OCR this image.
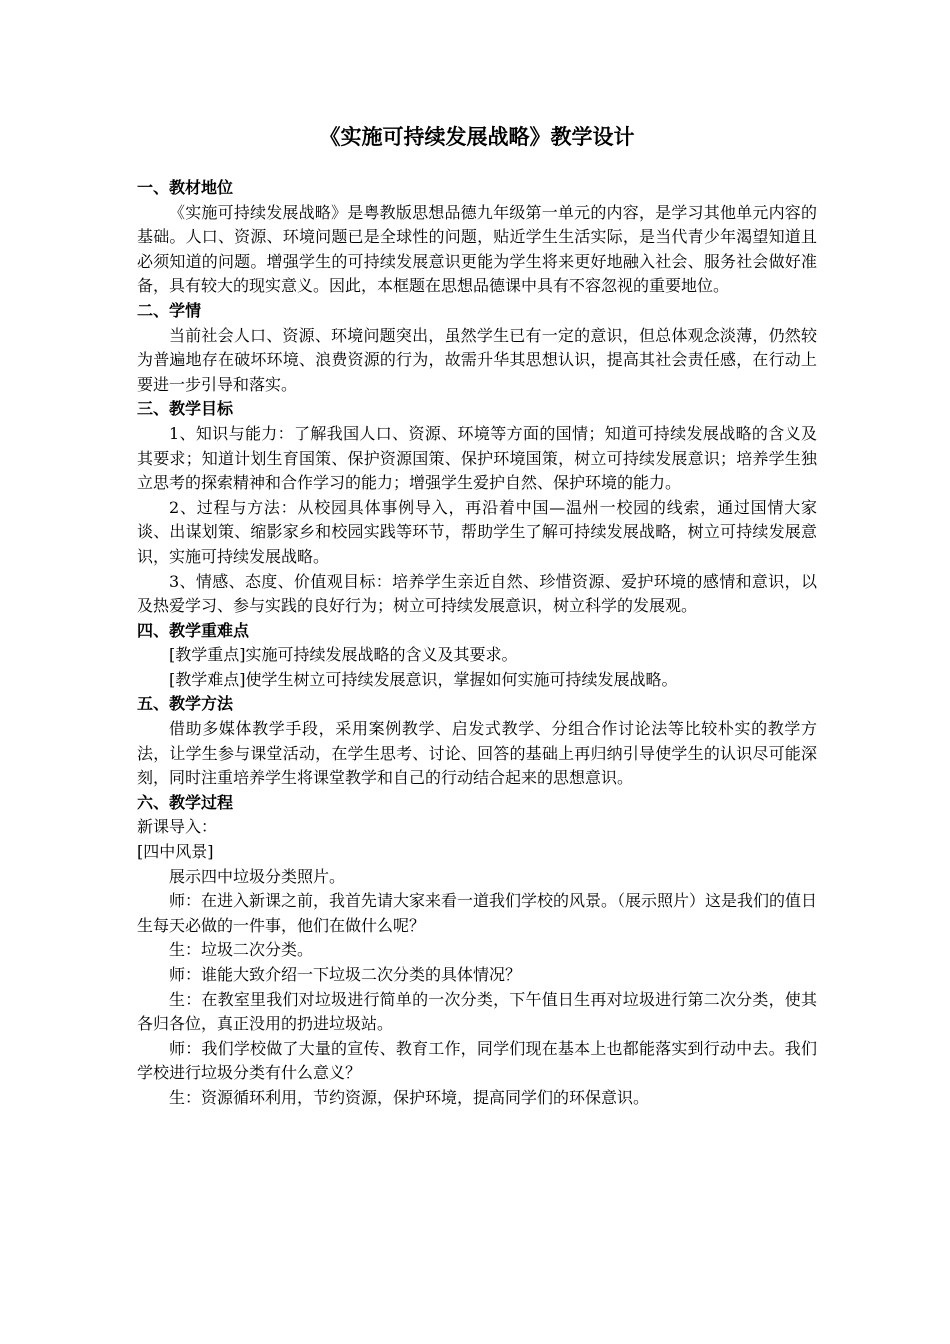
《实施可持续发展战略》教学设计
一、教材地位

《实施可持续发展战略》是粤教版思想品德九年级第一单元的内容，是学习其他单元内容的基础。人口、资源、环境问题已是全球性的问题，贴近学生生活实际，是当代青少年渴望知道且必须知道的问题。增强学生的可持续发展意识更能为学生将来更好地融入社会、服务社会做好准备，具有较大的现实意义。因此，本框题在思想品德课中具有不容忽视的重要地位。

二、学情

当前社会人口、资源、环境问题突出，虽然学生已有一定的意识，但总体观念淡薄，仍然较为普遍地存在破坏环境、浪费资源的行为，故需升华其思想认识，提高其社会责任感，在行动上要进一步引导和落实。

三、教学目标

1、知识与能力：了解我国人口、资源、环境等方面的国情；知道可持续发展战略的含义及其要求；知道计划生育国策、保护资源国策、保护环境国策，树立可持续发展意识；培养学生独立思考的探索精神和合作学习的能力；增强学生爱护自然、保护环境的能力。

2、过程与方法：从校园具体事例导入，再沿着中国—温州一校园的线索，通过国情大家谈、出谋划策、缩影家乡和校园实践等环节，帮助学生了解可持续发展战略，树立可持续发展意识，实施可持续发展战略。

3、情感、态度、价值观目标：培养学生亲近自然、珍惜资源、爱护环境的感情和意识，以及热爱学习、参与实践的良好行为；树立可持续发展意识，树立科学的发展观。

四、教学重难点

[教学重点]实施可持续发展战略的含义及其要求。

[教学难点]使学生树立可持续发展意识，掌握如何实施可持续发展战略。

五、教学方法

借助多媒体教学手段，采用案例教学、启发式教学、分组合作讨论法等比较朴实的教学方法，让学生参与课堂活动，在学生思考、讨论、回答的基础上再归纳引导使学生的认识尽可能深刻，同时注重培养学生将课堂教学和自己的行动结合起来的思想意识。

六、教学过程

新课导入：

[四中风景]

展示四中垃圾分类照片。

师：在进入新课之前，我首先请大家来看一道我们学校的风景。（展示照片）这是我们的值日生每天必做的一件事，他们在做什么呢？

生：垃圾二次分类。

师：谁能大致介绍一下垃圾二次分类的具体情况？

生：在教室里我们对垃圾进行简单的一次分类，下午值日生再对垃圾进行第二次分类，使其各归各位，真正没用的扔进垃圾站。

师：我们学校做了大量的宣传、教育工作，同学们现在基本上也都能落实到行动中去。我们学校进行垃圾分类有什么意义？

生：资源循环利用，节约资源，保护环境，提高同学们的环保意识。
